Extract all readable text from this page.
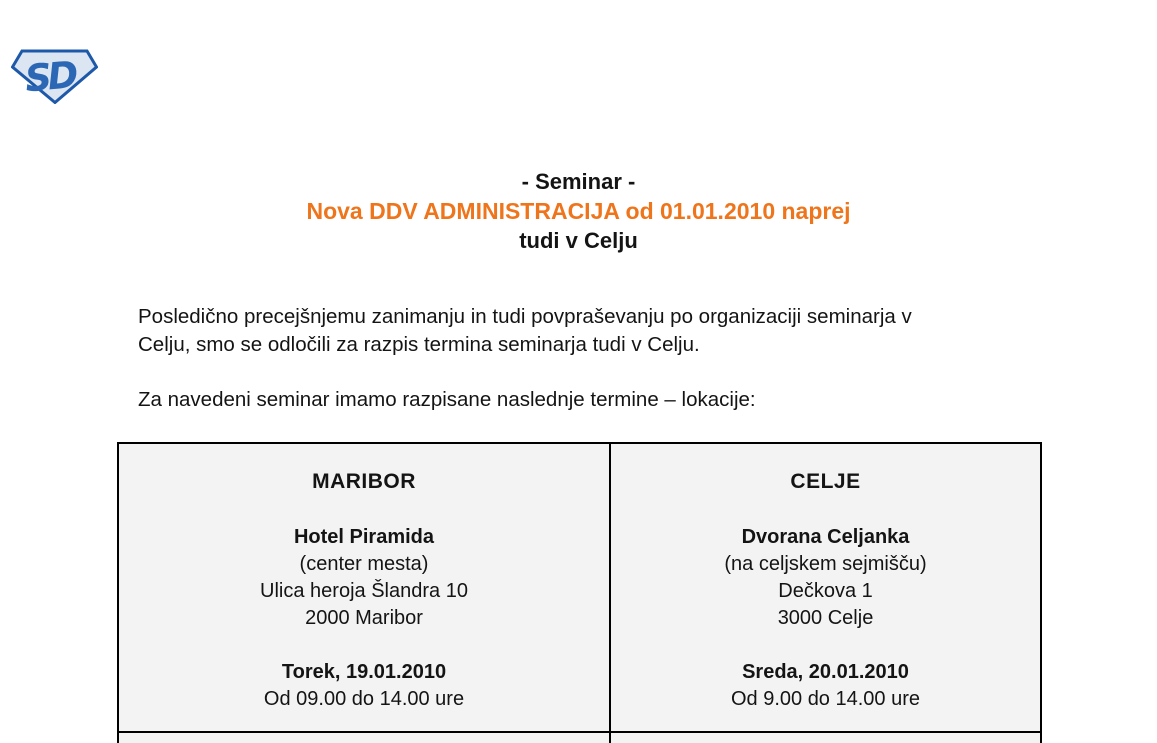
SD
- Seminar -
Nova DDV ADMINISTRACIJA od 01.01.2010 naprej
tudi v Celju
Posledično precejšnjemu zanimanju in tudi povpraševanju po organizaciji seminarja v
Celju, smo se odločili za razpis termina seminarja tudi v Celju.
Za navedeni seminar imamo razpisane naslednje termine – lokacije:
MARIBOR
Hotel Piramida
(center mesta)
Ulica heroja Šlandra 10
2000 Maribor
Torek, 19.01.2010
Od 09.00 do 14.00 ure
CELJE
Dvorana Celjanka
(na celjskem sejmišču)
Dečkova 1
3000 Celje
Sreda, 20.01.2010
Od 9.00 do 14.00 ure
